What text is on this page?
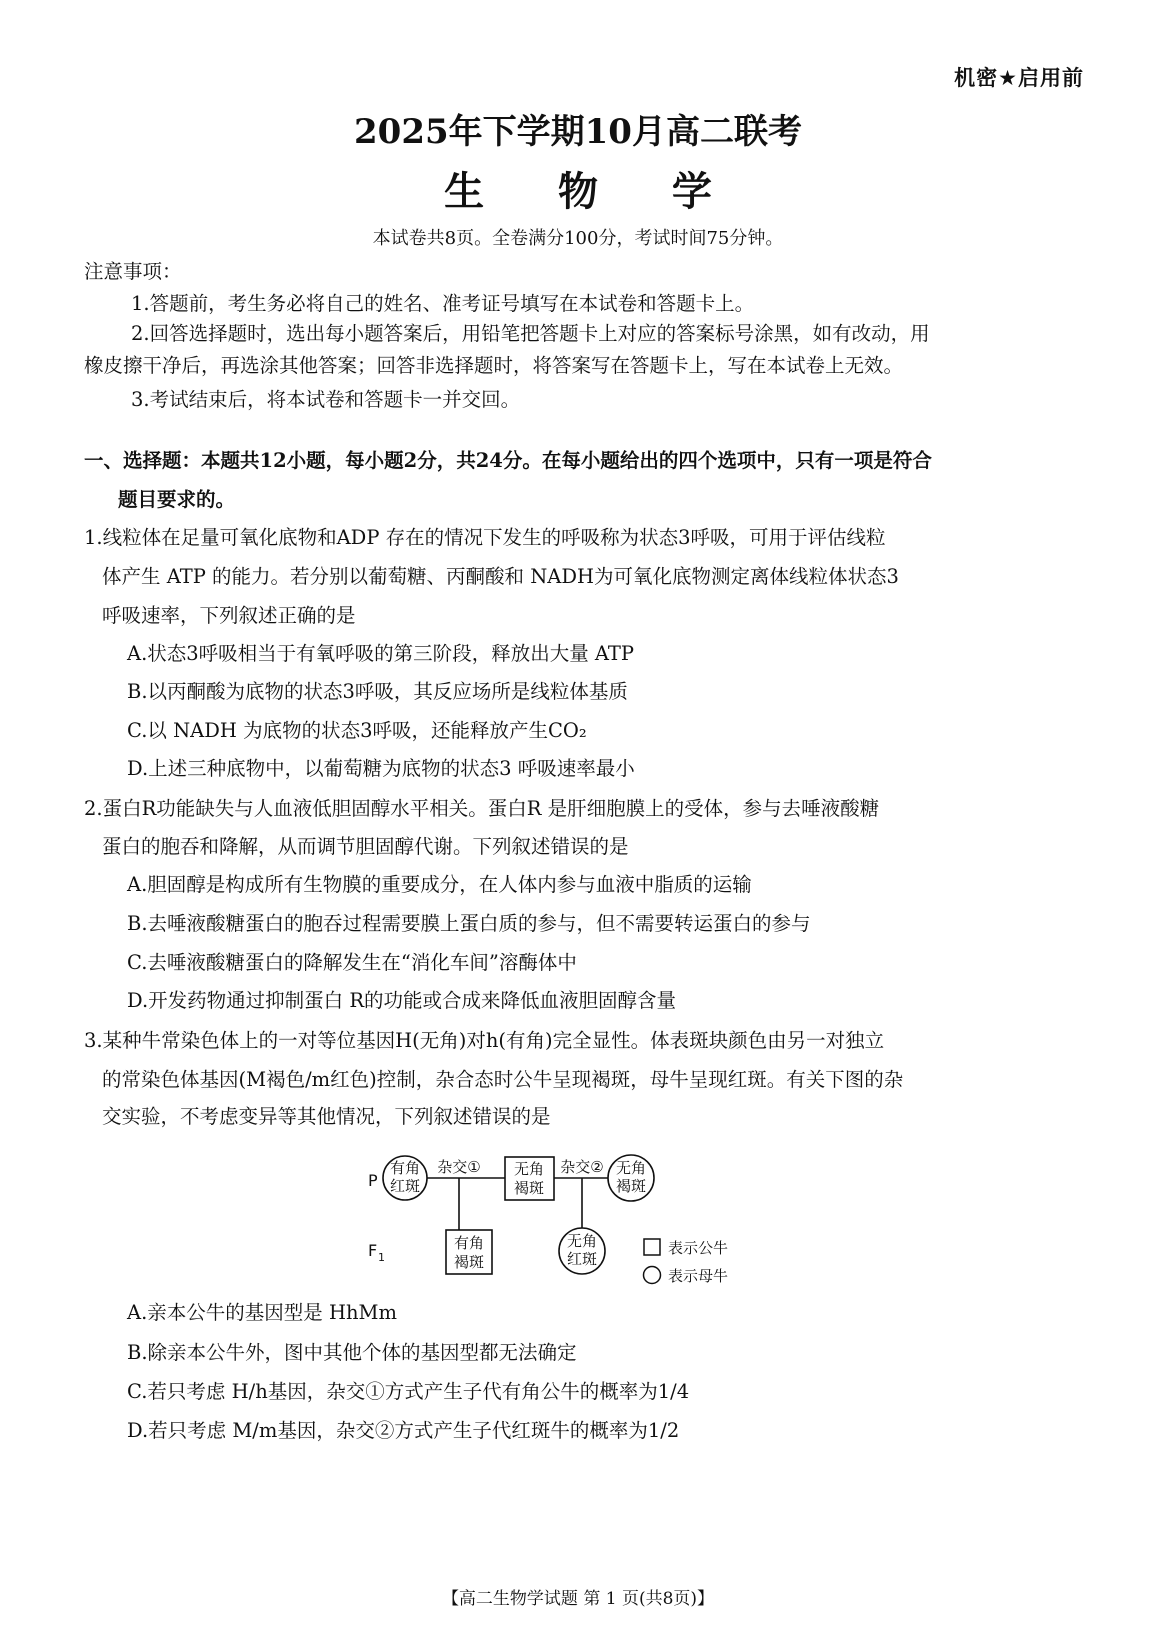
机密★启用前
2025年下学期10月高二联考
生 物 学
本试卷共8页。全卷满分100分，考试时间75分钟。
注意事项：
1.答题前，考生务必将自己的姓名、准考证号填写在本试卷和答题卡上。
2.回答选择题时，选出每小题答案后，用铅笔把答题卡上对应的答案标号涂黑，如有改动，用
橡皮擦干净后，再选涂其他答案；回答非选择题时，将答案写在答题卡上，写在本试卷上无效。
3.考试结束后，将本试卷和答题卡一并交回。
一、选择题：本题共12小题，每小题2分，共24分。在每小题给出的四个选项中，只有一项是符合
题目要求的。
1.线粒体在足量可氧化底物和ADP 存在的情况下发生的呼吸称为状态3呼吸，可用于评估线粒
体产生 ATP 的能力。若分别以葡萄糖、丙酮酸和 NADH为可氧化底物测定离体线粒体状态3
呼吸速率，下列叙述正确的是
A.状态3呼吸相当于有氧呼吸的第三阶段，释放出大量 ATP
B.以丙酮酸为底物的状态3呼吸，其反应场所是线粒体基质
C.以 NADH 为底物的状态3呼吸，还能释放产生CO₂
D.上述三种底物中，以葡萄糖为底物的状态3 呼吸速率最小
2.蛋白R功能缺失与人血液低胆固醇水平相关。蛋白R 是肝细胞膜上的受体，参与去唾液酸糖
蛋白的胞吞和降解，从而调节胆固醇代谢。下列叙述错误的是
A.胆固醇是构成所有生物膜的重要成分，在人体内参与血液中脂质的运输
B.去唾液酸糖蛋白的胞吞过程需要膜上蛋白质的参与，但不需要转运蛋白的参与
C.去唾液酸糖蛋白的降解发生在“消化车间”溶酶体中
D.开发药物通过抑制蛋白 R的功能或合成来降低血液胆固醇含量
3.某种牛常染色体上的一对等位基因H(无角)对h(有角)完全显性。体表斑块颜色由另一对独立
的常染色体基因(M褐色/m红色)控制，杂合态时公牛呈现褐斑，母牛呈现红斑。有关下图的杂
交实验，不考虑变异等其他情况，下列叙述错误的是
P
F 1
有角
红斑
杂交① 无角
褐斑
杂交② 无角
褐斑
有角
褐斑
无角
红斑
表示公牛
表示母牛
A.亲本公牛的基因型是 HhMm
B.除亲本公牛外，图中其他个体的基因型都无法确定
C.若只考虑 H/h基因，杂交①方式产生子代有角公牛的概率为1/4
D.若只考虑 M/m基因，杂交②方式产生子代红斑牛的概率为1/2
【高二生物学试题 第 1 页(共8页)】
